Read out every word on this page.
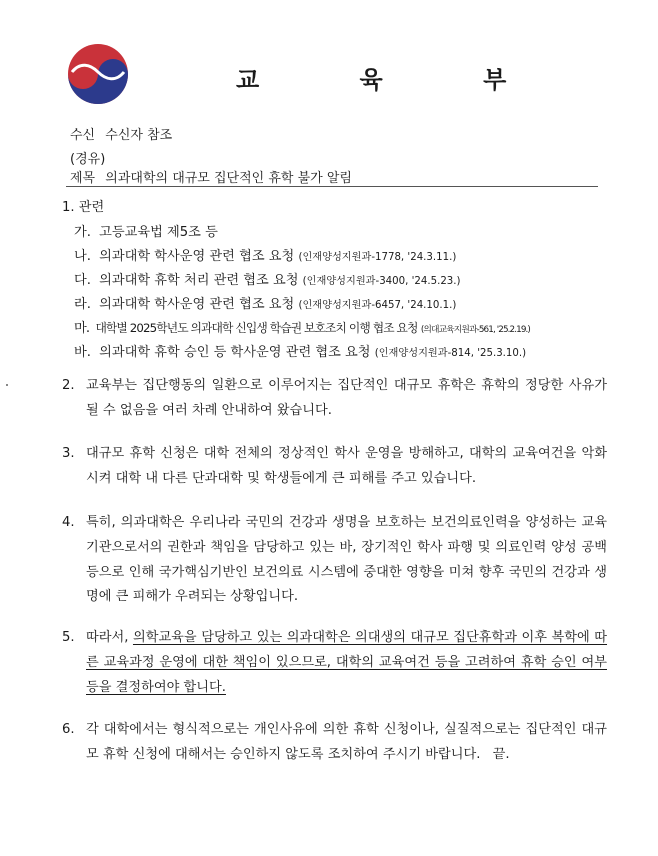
교 육 부
수신 수신자 참조
(경유)
제목 의과대학의 대규모 집단적인 휴학 불가 알림
1. 관련
가. 고등교육법 제5조 등
나. 의과대학 학사운영 관련 협조 요청 (인재양성지원과-1778, '24.3.11.)
다. 의과대학 휴학 처리 관련 협조 요청 (인재양성지원과-3400, '24.5.23.)
라. 의과대학 학사운영 관련 협조 요청 (인재양성지원과-6457, '24.10.1.)
마. 대학별 2025학년도 의과대학 신입생 학습권 보호조치 이행 협조 요청 (의대교육지원과-561, '25.2.19.)
바. 의과대학 휴학 승인 등 학사운영 관련 협조 요청 (인재양성지원과-814, '25.3.10.)
2. 교육부는 집단행동의 일환으로 이루어지는 집단적인 대규모 휴학은 휴학의 정당한 사유가 될 수 없음을 여러 차례 안내하여 왔습니다.
3. 대규모 휴학 신청은 대학 전체의 정상적인 학사 운영을 방해하고, 대학의 교육여건을 악화시켜 대학 내 다른 단과대학 및 학생들에게 큰 피해를 주고 있습니다.
4. 특히, 의과대학은 우리나라 국민의 건강과 생명을 보호하는 보건의료인력을 양성하는 교육기관으로서의 권한과 책임을 담당하고 있는 바, 장기적인 학사 파행 및 의료인력 양성 공백 등으로 인해 국가핵심기반인 보건의료 시스템에 중대한 영향을 미쳐 향후 국민의 건강과 생명에 큰 피해가 우려되는 상황입니다.
5. 따라서, 의학교육을 담당하고 있는 의과대학은 의대생의 대규모 집단휴학과 이후 복학에 따른 교육과정 운영에 대한 책임이 있으므로, 대학의 교육여건 등을 고려하여 휴학 승인 여부 등을 결정하여야 합니다.
6. 각 대학에서는 형식적으로는 개인사유에 의한 휴학 신청이나, 실질적으로는 집단적인 대규모 휴학 신청에 대해서는 승인하지 않도록 조치하여 주시기 바랍니다. 끝.
